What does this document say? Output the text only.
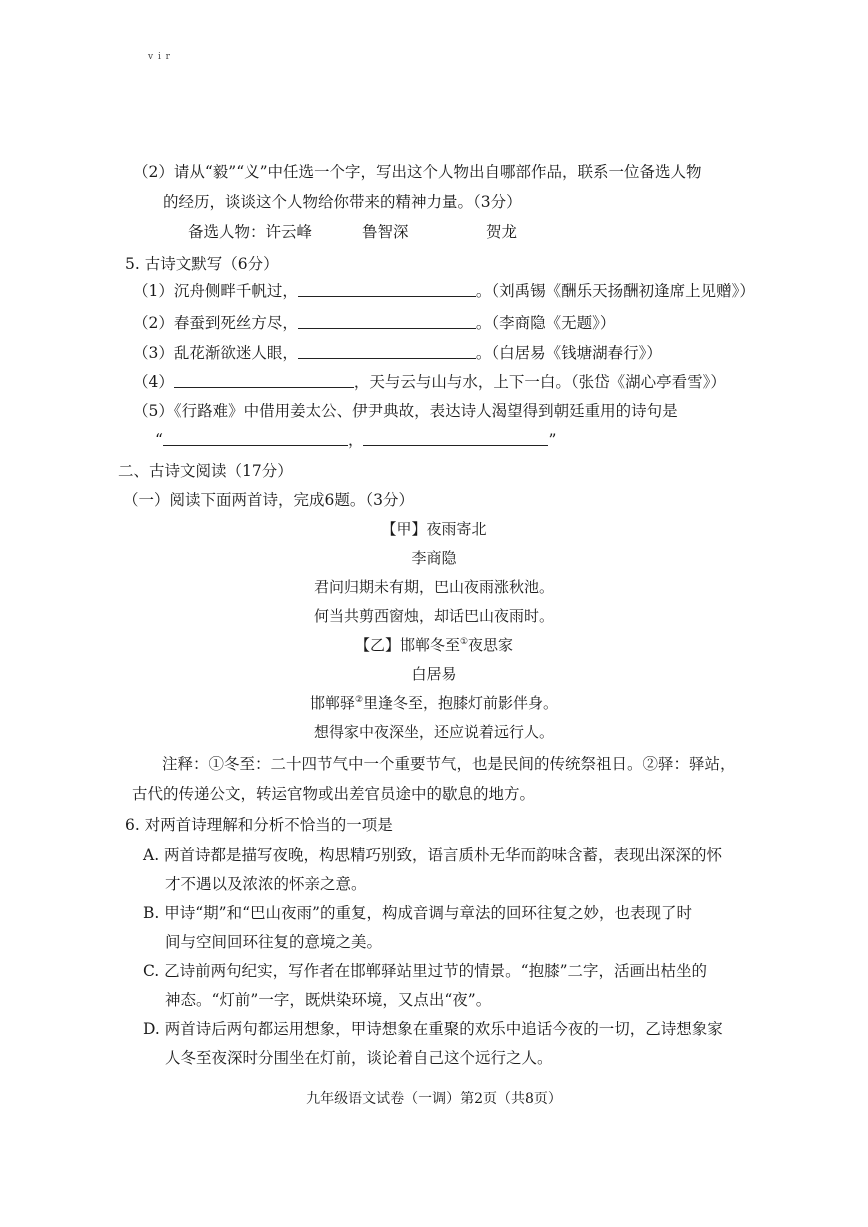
v i r
（2）请从“毅”“义”中任选一个字，写出这个人物出自哪部作品，联系一位备选人物
的经历，谈谈这个人物给你带来的精神力量。（3分）
备选人物：许云峰	鲁智深	贺龙
5. 古诗文默写（6分）
（1）沉舟侧畔千帆过，	。（刘禹锡《酬乐天扬酬初逢席上见赠》）
（2）春蚕到死丝方尽，	。（李商隐《无题》）
（3）乱花渐欲迷人眼，	。（白居易《钱塘湖春行》）
（4）	，天与云与山与水，上下一白。（张岱《湖心亭看雪》）
（5）《行路难》中借用姜太公、伊尹典故，表达诗人渴望得到朝廷重用的诗句是
“	，	”
二、古诗文阅读（17分）
（一）阅读下面两首诗，完成6题。（3分）
【甲】夜雨寄北
李商隐
君问归期未有期，巴山夜雨涨秋池。
何当共剪西窗烛，却话巴山夜雨时。
【乙】邯郸冬至①夜思家
白居易
邯郸驿②里逢冬至，抱膝灯前影伴身。
想得家中夜深坐，还应说着远行人。
注释：①冬至：二十四节气中一个重要节气，也是民间的传统祭祖日。②驿：驿站，
古代的传递公文，转运官物或出差官员途中的歇息的地方。
6. 对两首诗理解和分析不恰当的一项是
A. 两首诗都是描写夜晚，构思精巧别致，语言质朴无华而韵味含蓄，表现出深深的怀
才不遇以及浓浓的怀亲之意。
B. 甲诗“期”和“巴山夜雨”的重复，构成音调与章法的回环往复之妙，也表现了时
间与空间回环往复的意境之美。
C. 乙诗前两句纪实，写作者在邯郸驿站里过节的情景。“抱膝”二字，活画出枯坐的
神态。“灯前”一字，既烘染环境，又点出“夜”。
D. 两首诗后两句都运用想象，甲诗想象在重聚的欢乐中追话今夜的一切，乙诗想象家
人冬至夜深时分围坐在灯前，谈论着自己这个远行之人。
九年级语文试卷（一调）第2页（共8页）
